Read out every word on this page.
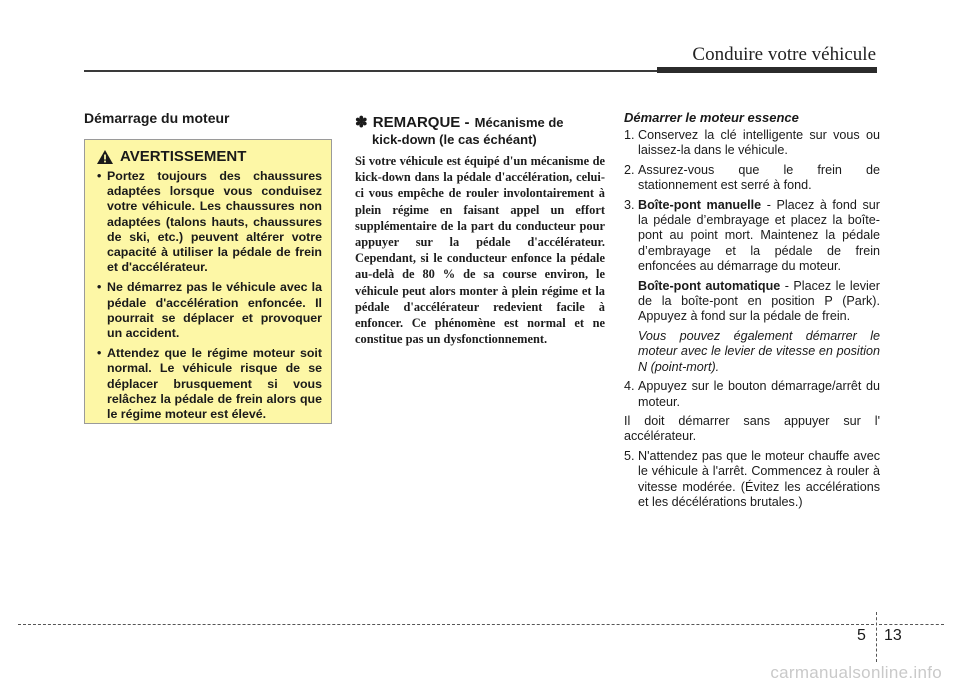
Conduire votre véhicule
Démarrage du moteur
AVERTISSEMENT
• Portez toujours des chaussures adaptées lorsque vous conduisez votre véhicule. Les chaussures non adaptées (talons hauts, chaussures de ski, etc.) peuvent altérer votre capacité à utiliser la pédale de frein et d'accélérateur.
• Ne démarrez pas le véhicule avec la pédale d'accélération enfoncée. Il pourrait se déplacer et provoquer un accident.
• Attendez que le régime moteur soit normal. Le véhicule risque de se déplacer brusquement si vous relâchez la pédale de frein alors que le régime moteur est élevé.
✽ REMARQUE - Mécanisme de
kick-down (le cas échéant)

Si votre véhicule est équipé d'un mécanisme de kick-down dans la pédale d'accélération, celui-ci vous empêche de rouler involontairement à plein régime en faisant appel un effort supplémentaire de la part du conducteur pour appuyer sur la pédale d'accélérateur. Cependant, si le conducteur enfonce la pédale au-delà de 80 % de sa course environ, le véhicule peut alors monter à plein régime et la pédale d'accélérateur redevient facile à enfoncer. Ce phénomène est normal et ne constitue pas un dysfonctionnement.

Démarrer le moteur essence

1. Conservez la clé intelligente sur vous ou laissez-la dans le véhicule.
2. Assurez-vous que le frein de stationnement est serré à fond.
3. Boîte-pont manuelle - Placez à fond sur la pédale d’embrayage et placez la boîte-pont au point mort. Maintenez la pédale d’embrayage et la pédale de frein enfoncées au démarrage du moteur.
Boîte-pont automatique - Placez le levier de la boîte-pont en position P (Park). Appuyez à fond sur la pédale de frein.
Vous pouvez également démarrer le moteur avec le levier de vitesse en position N (point-mort).
4. Appuyez sur le bouton démarrage/arrêt du moteur.
Il doit démarrer sans appuyer sur l' accélérateur.
5. N'attendez pas que le moteur chauffe avec le véhicule à l'arrêt. Commencez à rouler à vitesse modérée. (Évitez les accélérations et les décélérations brutales.)
5 13
carmanualsonline.info
